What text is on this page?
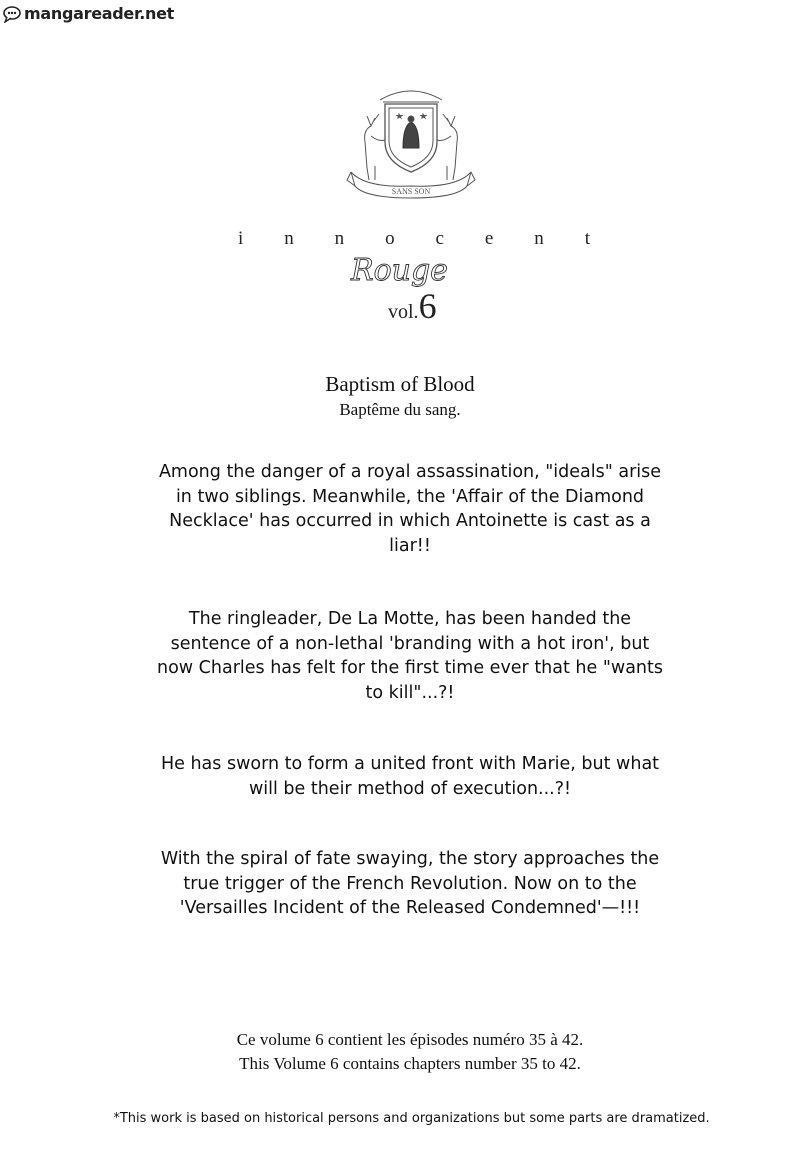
mangareader.net
SANS SON
i n n o c e n t
Rouge
vol.6
Baptism of Blood
Baptême du sang.
Among the danger of a royal assassination, "ideals" arise in two siblings. Meanwhile, the 'Affair of the Diamond Necklace' has occurred in which Antoinette is cast as a liar!!
The ringleader, De La Motte, has been handed the sentence of a non-lethal 'branding with a hot iron', but now Charles has felt for the first time ever that he "wants to kill"...?!
He has sworn to form a united front with Marie, but what will be their method of execution...?!
With the spiral of fate swaying, the story approaches the true trigger of the French Revolution. Now on to the 'Versailles Incident of the Released Condemned'—!!!
Ce volume 6 contient les épisodes numéro 35 à 42.
This Volume 6 contains chapters number 35 to 42.
*This work is based on historical persons and organizations but some parts are dramatized.
